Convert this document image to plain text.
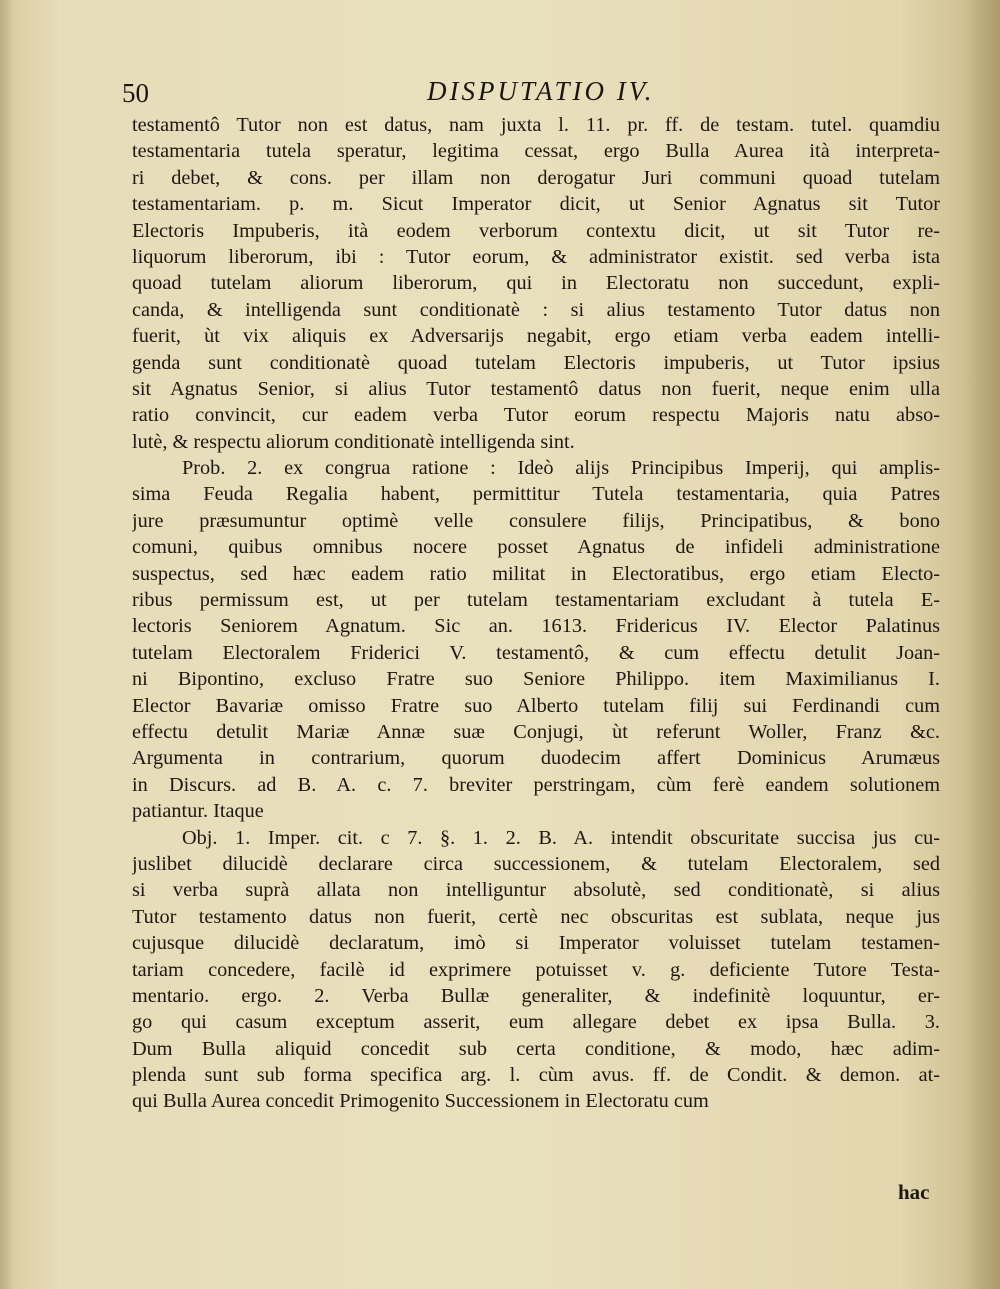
50	DISPUTATIO IV.
testamentô Tutor non est datus, nam juxta l. 11. pr. ff. de testam. tutel. quamdiu
testamentaria tutela speratur, legitima cessat, ergo Bulla Aurea ità interpreta-
ri debet, & cons. per illam non derogatur Juri communi quoad tutelam
testamentariam. p. m. Sicut Imperator dicit, ut Senior Agnatus sit Tutor
Electoris Impuberis, ità eodem verborum contextu dicit, ut sit Tutor re-
liquorum liberorum, ibi : Tutor eorum, & administrator existit. sed verba ista
quoad tutelam aliorum liberorum, qui in Electoratu non succedunt, expli-
canda, & intelligenda sunt conditionatè : si alius testamento Tutor datus non
fuerit, ùt vix aliquis ex Adversarijs negabit, ergo etiam verba eadem intelli-
genda sunt conditionatè quoad tutelam Electoris impuberis, ut Tutor ipsius
sit Agnatus Senior, si alius Tutor testamentô datus non fuerit, neque enim ulla
ratio convincit, cur eadem verba Tutor eorum respectu Majoris natu abso-
lutè, & respectu aliorum conditionatè intelligenda sint.
Prob. 2. ex congrua ratione : Ideò alijs Principibus Imperij, qui amplis-
sima Feuda Regalia habent, permittitur Tutela testamentaria, quia Patres
jure præsumuntur optimè velle consulere filijs, Principatibus, & bono
comuni, quibus omnibus nocere posset Agnatus de infideli administratione
suspectus, sed hæc eadem ratio militat in Electoratibus, ergo etiam Electo-
ribus permissum est, ut per tutelam testamentariam excludant à tutela E-
lectoris Seniorem Agnatum. Sic an. 1613. Fridericus IV. Elector Palatinus
tutelam Electoralem Friderici V. testamentô, & cum effectu detulit Joan-
ni Bipontino, excluso Fratre suo Seniore Philippo. item Maximilianus I.
Elector Bavariæ omisso Fratre suo Alberto tutelam filij sui Ferdinandi cum
effectu detulit Mariæ Annæ suæ Conjugi, ùt referunt Woller, Franz &c.
Argumenta in contrarium, quorum duodecim affert Dominicus Arumæus
in Discurs. ad B. A. c. 7. breviter perstringam, cùm ferè eandem solutionem
patiantur. Itaque
Obj. 1. Imper. cit. c 7. §. 1. 2. B. A. intendit obscuritate succisa jus cu-
juslibet dilucidè declarare circa successionem, & tutelam Electoralem, sed
si verba suprà allata non intelliguntur absolutè, sed conditionatè, si alius
Tutor testamento datus non fuerit, certè nec obscuritas est sublata, neque jus
cujusque dilucidè declaratum, imò si Imperator voluisset tutelam testamen-
tariam concedere, facilè id exprimere potuisset v. g. deficiente Tutore Testa-
mentario. ergo. 2. Verba Bullæ generaliter, & indefinitè loquuntur, er-
go qui casum exceptum asserit, eum allegare debet ex ipsa Bulla. 3.
Dum Bulla aliquid concedit sub certa conditione, & modo, hæc adim-
plenda sunt sub forma specifica arg. l. cùm avus. ff. de Condit. & demon. at-
qui Bulla Aurea concedit Primogenito Successionem in Electoratu cum
hac
